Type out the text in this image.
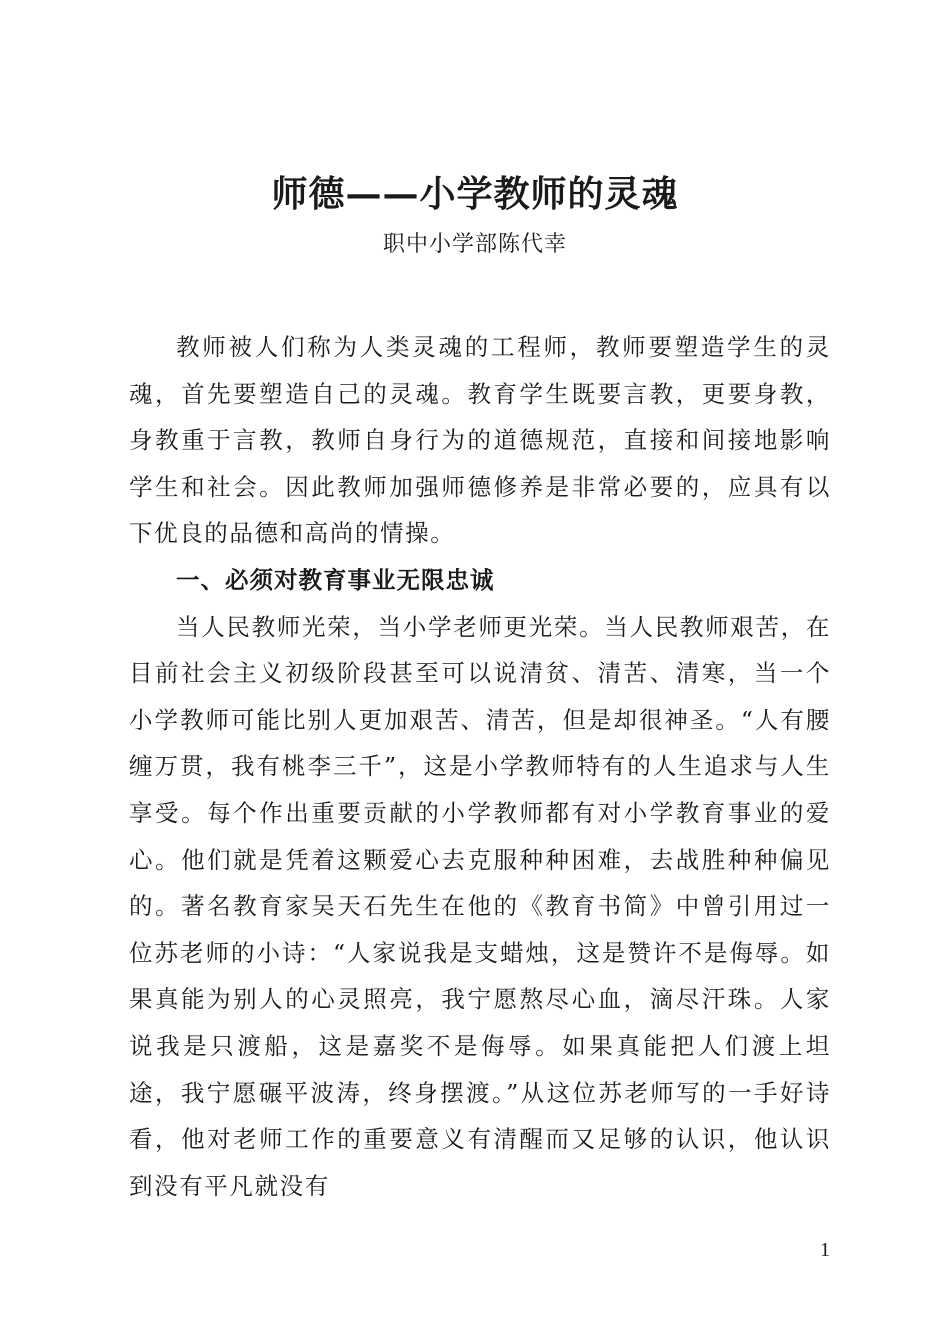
师德——小学教师的灵魂
职中小学部陈代幸

教师被人们称为人类灵魂的工程师，教师要塑造学生的灵魂，首先要塑造自己的灵魂。教育学生既要言教，更要身教，身教重于言教，教师自身行为的道德规范，直接和间接地影响学生和社会。因此教师加强师德修养是非常必要的，应具有以下优良的品德和高尚的情操。

一、必须对教育事业无限忠诚

当人民教师光荣，当小学老师更光荣。当人民教师艰苦，在目前社会主义初级阶段甚至可以说清贫、清苦、清寒，当一个小学教师可能比别人更加艰苦、清苦，但是却很神圣。“人有腰缠万贯，我有桃李三千”，这是小学教师特有的人生追求与人生享受。每个作出重要贡献的小学教师都有对小学教育事业的爱心。他们就是凭着这颗爱心去克服种种困难，去战胜种种偏见的。著名教育家吴天石先生在他的《教育书简》中曾引用过一位苏老师的小诗：“人家说我是支蜡烛，这是赞许不是侮辱。如果真能为别人的心灵照亮，我宁愿熬尽心血，滴尽汗珠。人家说我是只渡船，这是嘉奖不是侮辱。如果真能把人们渡上坦途，我宁愿碾平波涛，终身摆渡。”从这位苏老师写的一手好诗看，他对老师工作的重要意义有清醒而又足够的认识，他认识到没有平凡就没有

1
